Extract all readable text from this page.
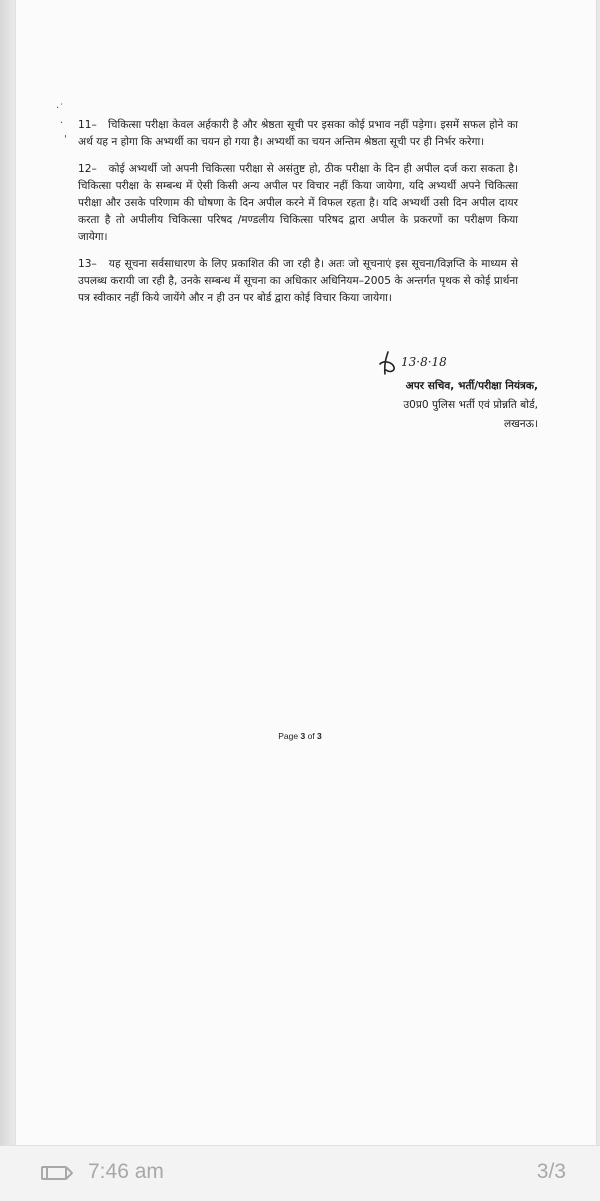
·˙
·
'

11– चिकित्सा परीक्षा केवल अर्हकारी है और श्रेष्ठता सूची पर इसका कोई प्रभाव नहीं पड़ेगा। इसमें सफल होने का अर्थ यह न होगा कि अभ्यर्थी का चयन हो गया है। अभ्यर्थी का चयन अन्तिम श्रेष्ठता सूची पर ही निर्भर करेगा।

12– कोई अभ्यर्थी जो अपनी चिकित्सा परीक्षा से असंतुष्ट हो, ठीक परीक्षा के दिन ही अपील दर्ज करा सकता है। चिकित्सा परीक्षा के सम्बन्ध में ऐसी किसी अन्य अपील पर विचार नहीं किया जायेगा, यदि अभ्यर्थी अपने चिकित्सा परीक्षा और उसके परिणाम की घोषणा के दिन अपील करने में विफल रहता है। यदि अभ्यर्थी उसी दिन अपील दायर करता है तो अपीलीय चिकित्सा परिषद /मण्डलीय चिकित्सा परिषद द्वारा अपील के प्रकरणों का परीक्षण किया जायेगा।

13– यह सूचना सर्वसाधारण के लिए प्रकाशित की जा रही है। अतः जो सूचनाएं इस सूचना/विज्ञप्ति के माध्यम से उपलब्ध करायी जा रही है, उनके सम्बन्ध में सूचना का अधिकार अधिनियम–2005 के अन्तर्गत पृथक से कोई प्रार्थना पत्र स्वीकार नहीं किये जायेंगे और न ही उन पर बोर्ड द्वारा कोई विचार किया जायेगा।

13·8·18
अपर सचिव, भर्ती/परीक्षा नियंत्रक,
उ0प्र0 पुलिस भर्ती एवं प्रोन्नति बोर्ड,
लखनऊ।
Page 3 of 3
7:46 am	3/3
